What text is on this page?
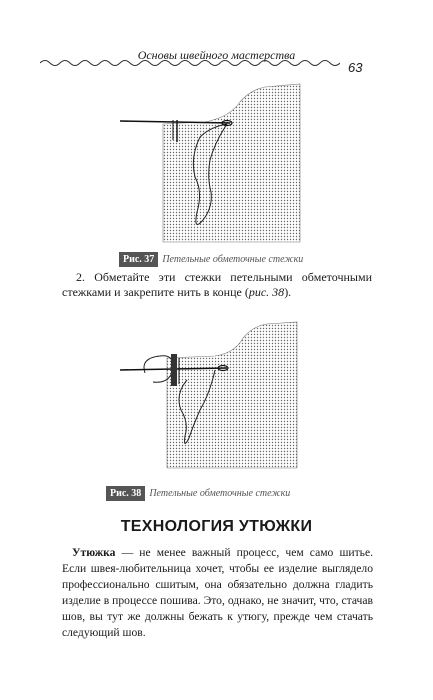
Основы швейного мастерства
63
Рис. 37 Петельные обметочные стежки
2. Обметайте эти стежки петельными обметочными стежками и закрепите нить в конце (рис. 38).
Рис. 38 Петельные обметочные стежки
ТЕХНОЛОГИЯ УТЮЖКИ
Утюжка — не менее важный процесс, чем само шитье. Если швея-любительница хочет, чтобы ее изделие выглядело профессионально сшитым, она обязательно должна гладить изделие в процессе пошива. Это, однако, не значит, что, стачав шов, вы тут же должны бежать к утюгу, прежде чем стачать следующий шов.
